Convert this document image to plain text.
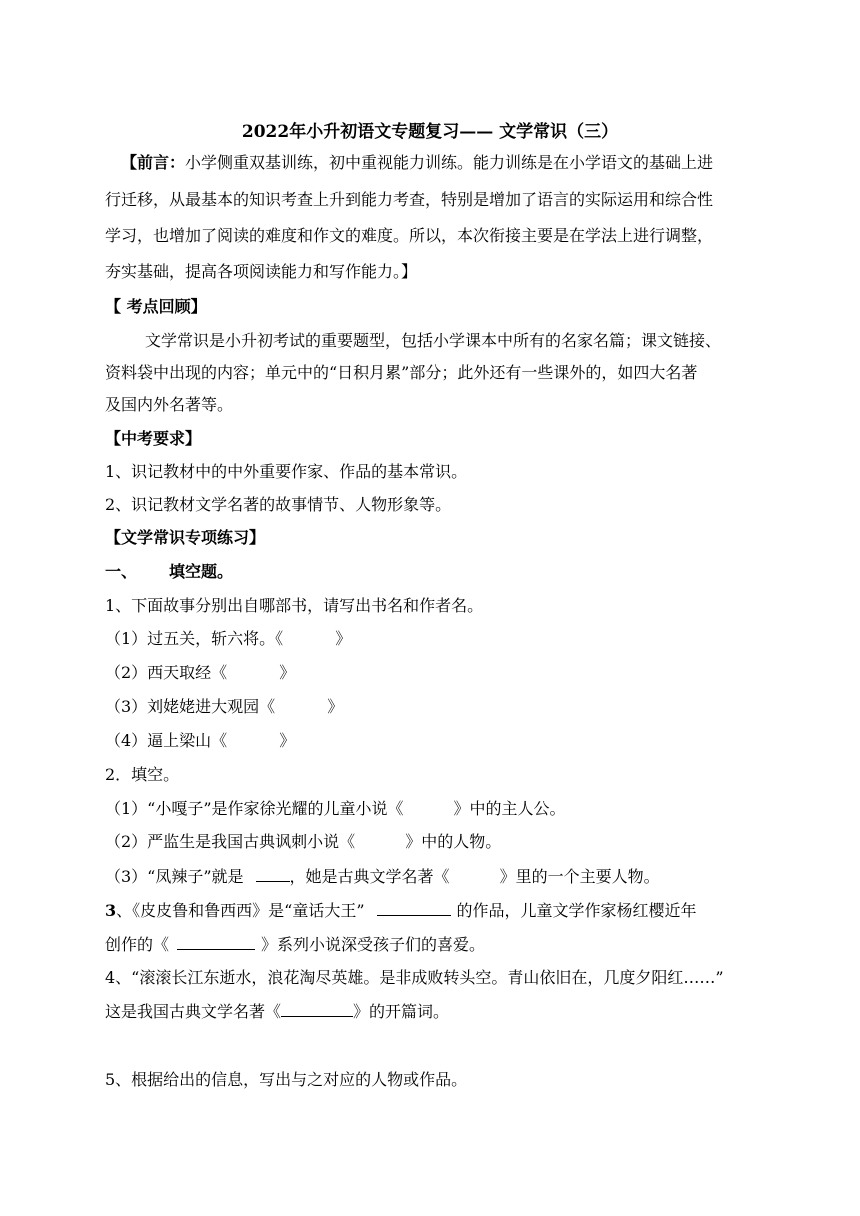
2022年小升初语文专题复习—— 文学常识（三）
【前言：小学侧重双基训练，初中重视能力训练。能力训练是在小学语文的基础上进
行迁移，从最基本的知识考查上升到能力考查，特别是增加了语言的实际运用和综合性
学习，也增加了阅读的难度和作文的难度。所以，本次衔接主要是在学法上进行调整，
夯实基础，提高各项阅读能力和写作能力。】
【 考点回顾】
文学常识是小升初考试的重要题型，包括小学课本中所有的名家名篇；课文链接、
资料袋中出现的内容；单元中的“日积月累”部分；此外还有一些课外的，如四大名著
及国内外名著等。
【中考要求】
1、识记教材中的中外重要作家、作品的基本常识。
2、识记教材文学名著的故事情节、人物形象等。
【文学常识专项练习】
一、 填空题。
1、下面故事分别出自哪部书，请写出书名和作者名。
（1）过五关，斩六将。《	》
（2）西天取经《	》
（3）刘姥姥进大观园《	》
（4）逼上梁山《	》
2．填空。
（1）“小嘎子”是作家徐光耀的儿童小说《	》中的主人公。
（2）严监生是我国古典讽刺小说《	》中的人物。
（3）“凤辣子”就是	，她是古典文学名著《	》里的一个主要人物。
3、《皮皮鲁和鲁西西》是“童话大王”	的作品，儿童文学作家杨红樱近年
创作的《	》系列小说深受孩子们的喜爱。
4、“滚滚长江东逝水，浪花淘尽英雄。是非成败转头空。青山依旧在，几度夕阳红……”
这是我国古典文学名著《	》的开篇词。
5、根据给出的信息，写出与之对应的人物或作品。
